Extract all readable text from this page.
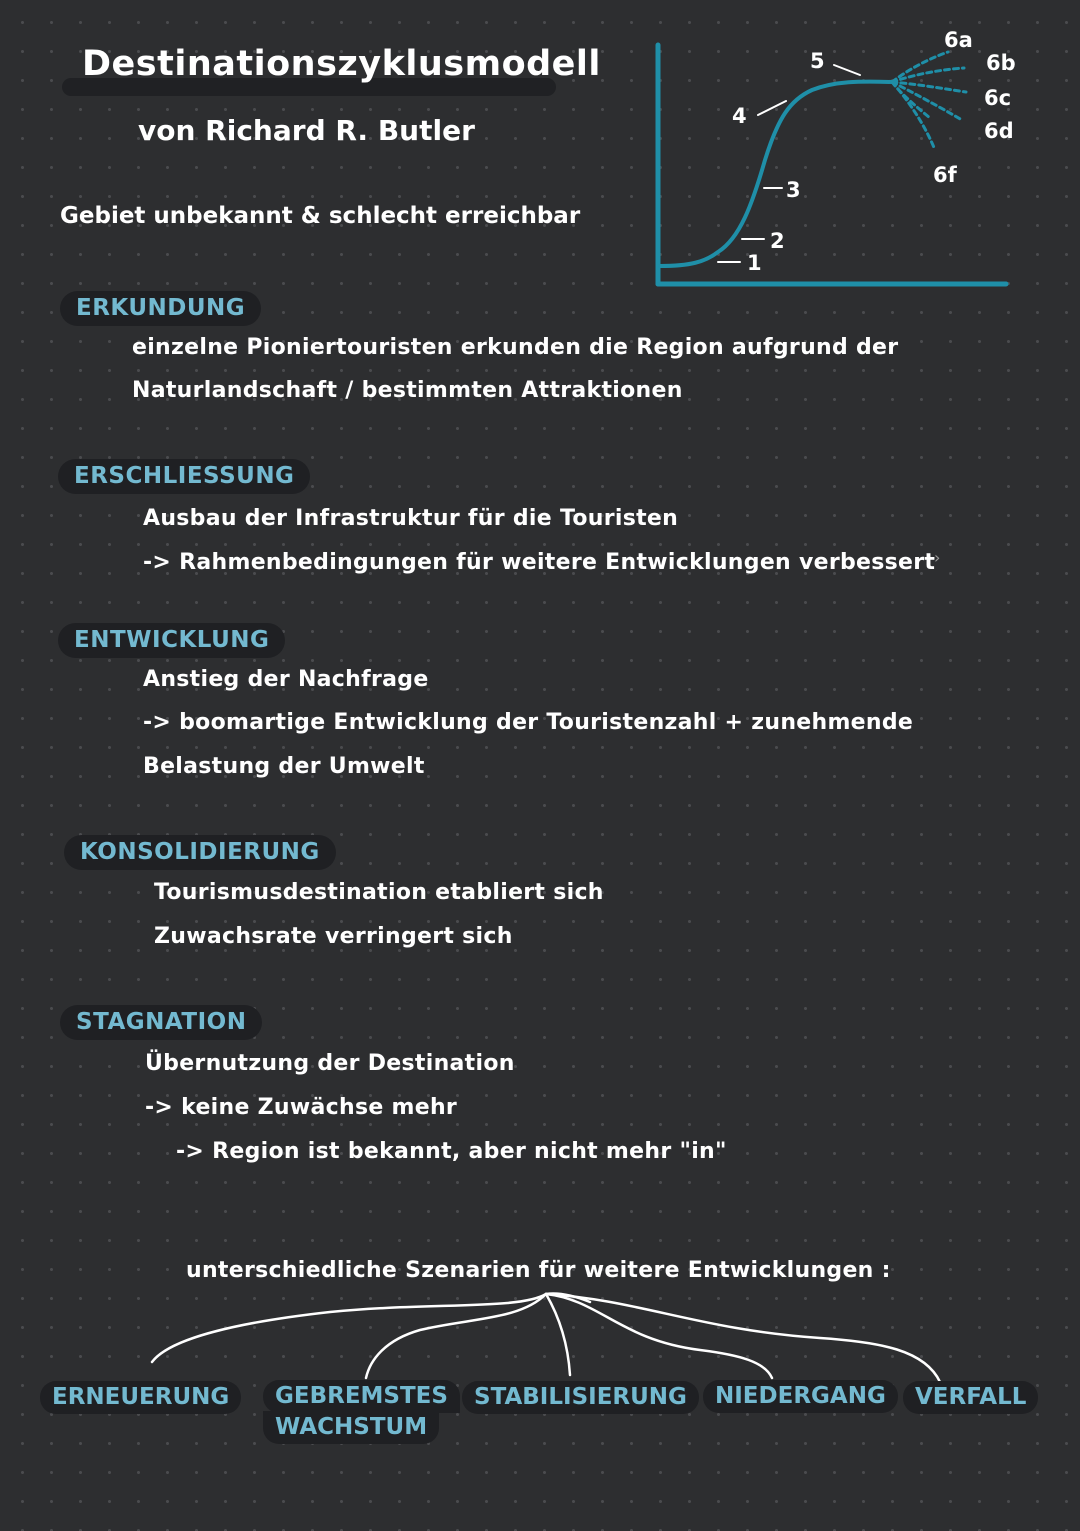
Destinationszyklusmodell
von Richard R. Butler
Gebiet unbekannt & schlecht erreichbar
1
2
3
4
5
6a
6b
6c
6d
6f
ERKUNDUNG
einzelne Pioniertouristen erkunden die Region aufgrund der
Naturlandschaft / bestimmten Attraktionen
ERSCHLIESSUNG
Ausbau der Infrastruktur für die Touristen
-> Rahmenbedingungen für weitere Entwicklungen verbessert
›
ENTWICKLUNG
Anstieg der Nachfrage
-> boomartige Entwicklung der Touristenzahl + zunehmende
Belastung der Umwelt
KONSOLIDIERUNG
Tourismusdestination etabliert sich
Zuwachsrate verringert sich
STAGNATION
Übernutzung der Destination
-> keine Zuwächse mehr
-> Region ist bekannt, aber nicht mehr "in"
unterschiedliche Szenarien für weitere Entwicklungen :
ERNEUERUNG	GEBREMSTES
WACHSTUM
STABILISIERUNG	NIEDERGANG	VERFALL
